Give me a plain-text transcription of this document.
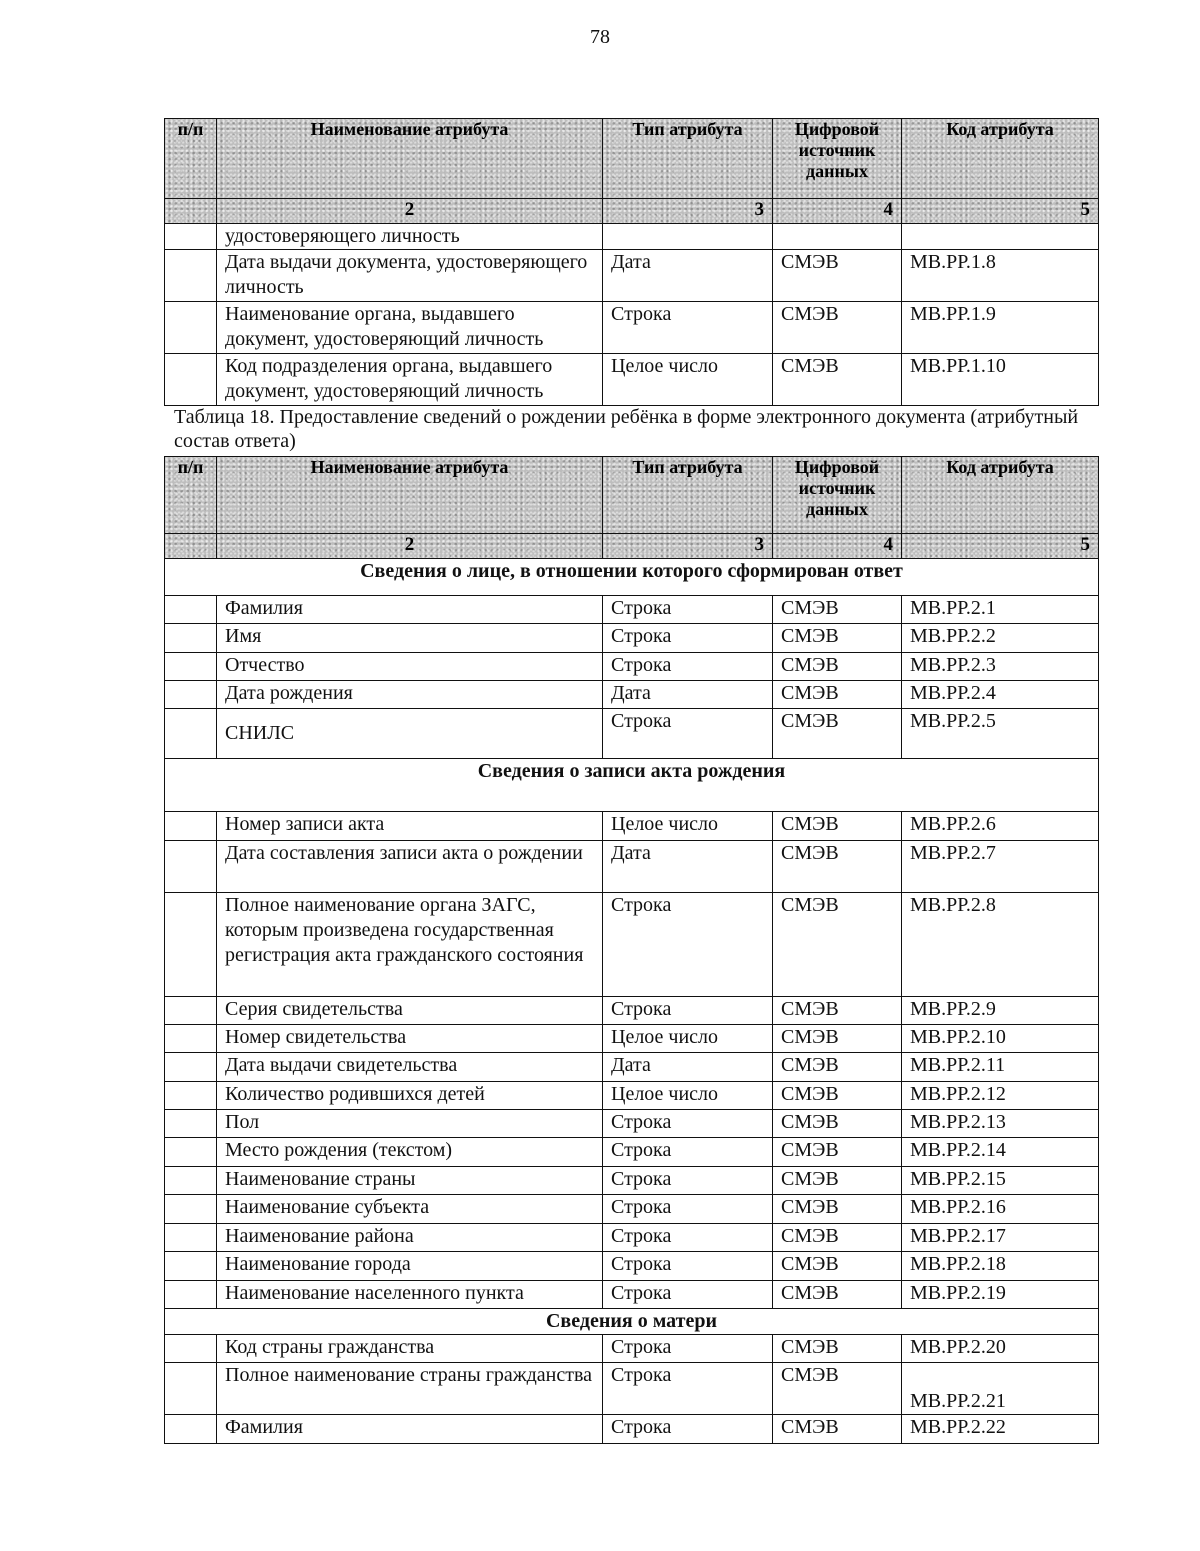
78
п/п	Наименование атрибута	Тип атрибута	Цифровой источник данных	Код атрибута
	2	3	4	5
	удостоверяющего личность			
	Дата выдачи документа, удостоверяющего личность	Дата	СМЭВ	МВ.РР.1.8
	Наименование органа, выдавшего документ, удостоверяющий личность	Строка	СМЭВ	МВ.РР.1.9
	Код подразделения органа, выдавшего документ, удостоверяющий личность	Целое число	СМЭВ	МВ.РР.1.10
Таблица 18. Предоставление сведений о рождении ребёнка в форме электронного документа (атрибутный состав ответа)
п/п	Наименование атрибута	Тип атрибута	Цифровой источник данных	Код атрибута
	2	3	4	5
Сведения о лице, в отношении которого сформирован ответ				
	Фамилия	Строка	СМЭВ	МВ.РР.2.1
	Имя	Строка	СМЭВ	МВ.РР.2.2
	Отчество	Строка	СМЭВ	МВ.РР.2.3
	Дата рождения	Дата	СМЭВ	МВ.РР.2.4
	СНИЛС	Строка	СМЭВ	МВ.РР.2.5
Сведения о записи акта рождения				
	Номер записи акта	Целое число	СМЭВ	МВ.РР.2.6
	Дата составления записи акта о рождении	Дата	СМЭВ	МВ.РР.2.7
	Полное наименование органа ЗАГС, которым произведена государственная регистрация акта гражданского состояния	Строка	СМЭВ	МВ.РР.2.8
	Серия свидетельства	Строка	СМЭВ	МВ.РР.2.9
	Номер свидетельства	Целое число	СМЭВ	МВ.РР.2.10
	Дата выдачи свидетельства	Дата	СМЭВ	МВ.РР.2.11
	Количество родившихся детей	Целое число	СМЭВ	МВ.РР.2.12
	Пол	Строка	СМЭВ	МВ.РР.2.13
	Место рождения (текстом)	Строка	СМЭВ	МВ.РР.2.14
	Наименование страны	Строка	СМЭВ	МВ.РР.2.15
	Наименование субъекта	Строка	СМЭВ	МВ.РР.2.16
	Наименование района	Строка	СМЭВ	МВ.РР.2.17
	Наименование города	Строка	СМЭВ	МВ.РР.2.18
	Наименование населенного пункта	Строка	СМЭВ	МВ.РР.2.19
Сведения о матери				
	Код страны гражданства	Строка	СМЭВ	МВ.РР.2.20
	Полное наименование страны гражданства	Строка	СМЭВ	МВ.РР.2.21
	Фамилия	Строка	СМЭВ	МВ.РР.2.22
